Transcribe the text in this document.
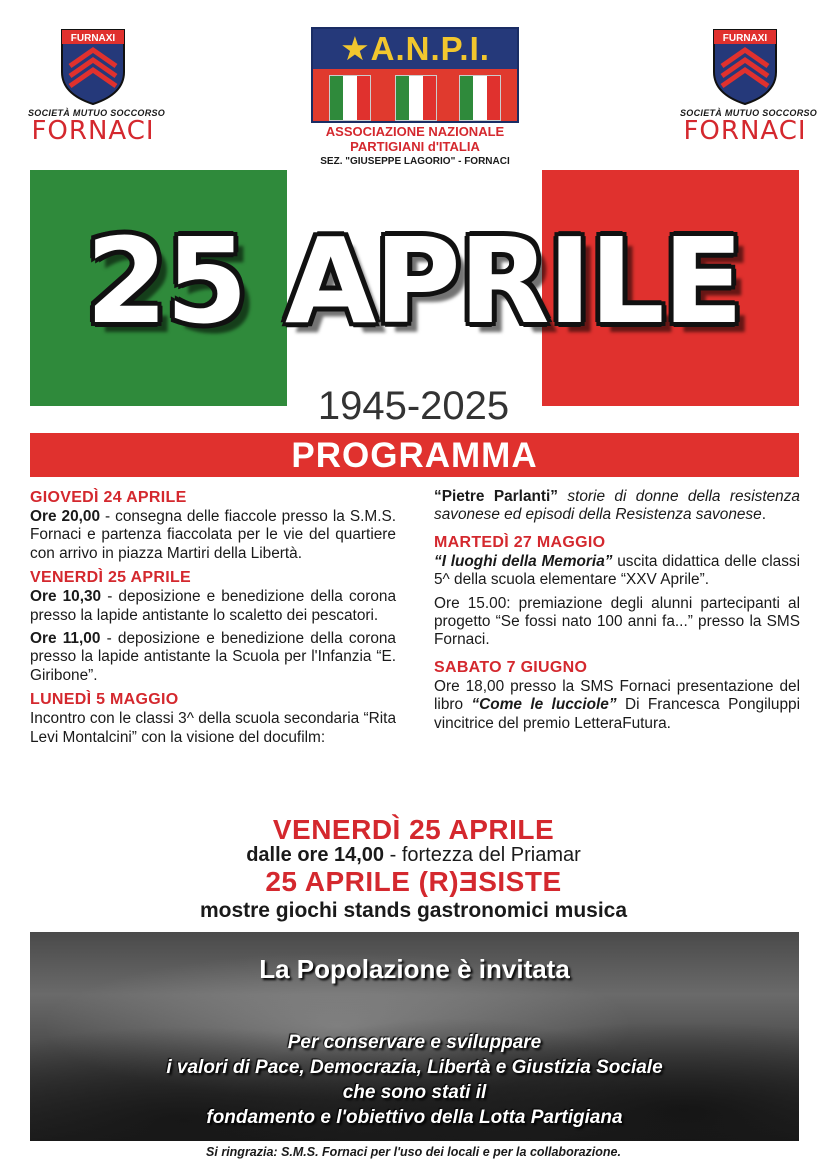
FURNAXI
SOCIETÀ MUTUO SOCCORSO
FORNACI
FURNAXI
SOCIETÀ MUTUO SOCCORSO
FORNACI
★A.N.P.I.
ASSOCIAZIONE NAZIONALE
PARTIGIANI d'ITALIA
SEZ. "GIUSEPPE LAGORIO" - FORNACI
25 APRILE
1945-2025
PROGRAMMA
GIOVEDÌ 24 APRILE

Ore 20,00 - consegna delle fiaccole presso la S.M.S. Fornaci e partenza fiaccolata per le vie del quartiere con arrivo in piazza Martiri della Libertà.

VENERDÌ 25 APRILE

Ore 10,30 - deposizione e benedizione della corona presso la lapide antistante lo scaletto dei pescatori.

Ore 11,00 - deposizione e benedizione della corona presso la lapide antistante la Scuola per l'Infanzia “E. Giribone”.

LUNEDÌ 5 MAGGIO

Incontro con le classi 3^ della scuola secondaria “Rita Levi Montalcini” con la visione del docufilm:

“Pietre Parlanti” storie di donne della resistenza savonese ed episodi della Resistenza savonese.

MARTEDÌ 27 MAGGIO

“I luoghi della Memoria” uscita didattica delle classi 5^ della scuola elementare “XXV Aprile”.

Ore 15.00: premiazione degli alunni partecipanti al progetto “Se fossi nato 100 anni fa...” presso la SMS Fornaci.

SABATO 7 GIUGNO

Ore 18,00 presso la SMS Fornaci presentazione del libro “Come le lucciole” Di Francesca Pongiluppi vincitrice del premio LetteraFutura.

VENERDÌ 25 APRILE
dalle ore 14,00 - fortezza del Priamar
25 APRILE (R)ƎSISTE
mostre giochi stands gastronomici musica
La Popolazione è invitata
Per conservare e sviluppare
i valori di Pace, Democrazia, Libertà e Giustizia Sociale
che sono stati il
fondamento e l'obiettivo della Lotta Partigiana
Si ringrazia: S.M.S. Fornaci per l'uso dei locali e per la collaborazione.
